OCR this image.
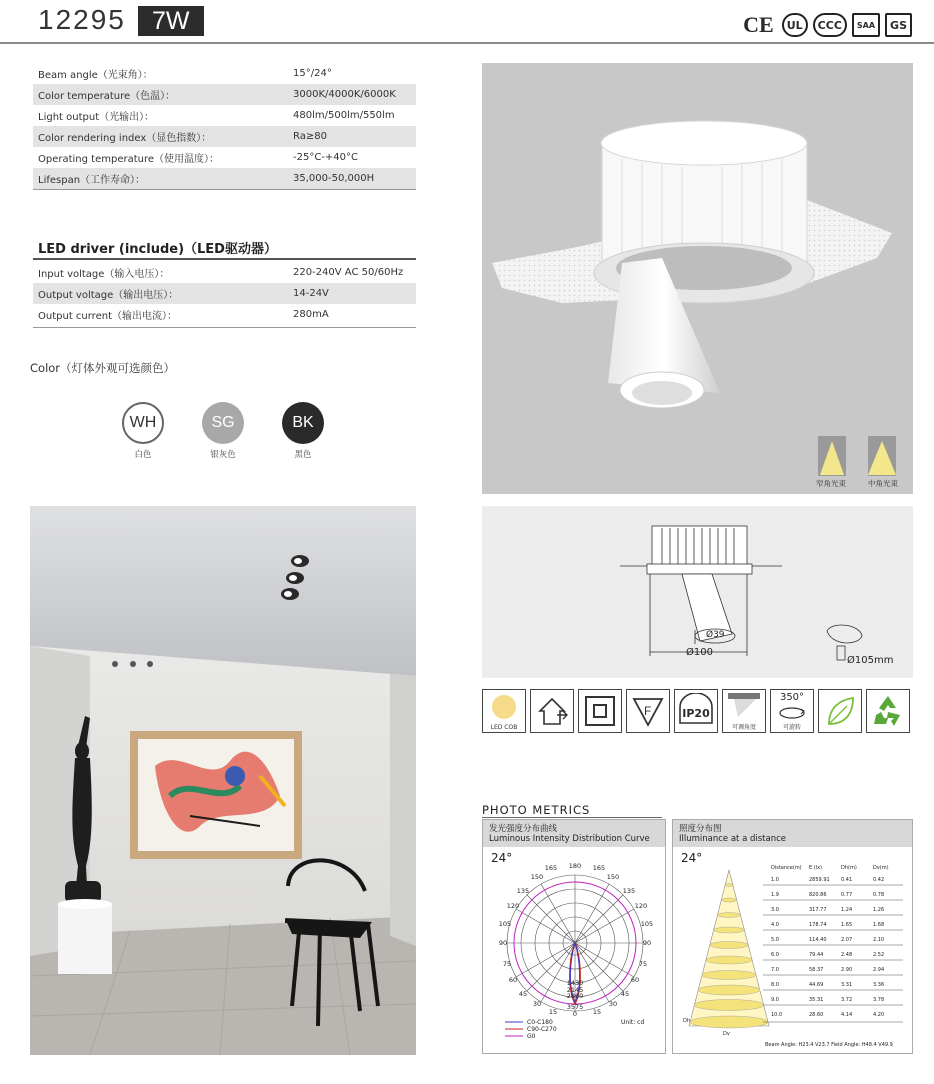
12295	7W	CE	UL	CCC	SAA	GS
Beam angle（光束角）：	15°/24°
Color temperature（色温）：	3000K/4000K/6000K
Light output（光输出）：	480lm/500lm/550lm
Color rendering index（显色指数）：	Ra≥80
Operating temperature（使用温度）：	-25°C-+40°C
Lifespan（工作寿命）：	35,000-50,000H
LED driver (include)（LED驱动器）
Input voltage（输入电压）：	220-240V AC 50/60Hz
Output voltage（输出电压）：	14-24V
Output current（输出电流）：	280mA
Color（灯体外观可选颜色）
WH
白色
SG
银灰色
BK
黑色
窄角光束	中角光束
Ø39
Ø100
Ø105mm
LED COB
F	IP20
可调角度
350°
可旋转
PHOTO METRICS
发光强度分布曲线
Luminous Intensity Distribution Curve
24°
165 180 165
150	150
135	135
120	120
105	105
90	90
75	75
60	60
45	45
30	30
15 0 15
1430
2860
2145
3575
C0-C180
C90-C270
G0
Unit: cd
照度分布图
Illuminance at a distance
24°
Distance(m)	E (lx)	Dh(m)	Dv(m)
1.0	2859.91	0.41	0.42
1.9	820.86	0.77	0.78
3.0	317.77	1.24	1.26
4.0	178.74	1.65	1.68
5.0	114.40	2.07	2.10
6.0	79.44	2.48	2.52
7.0	58.37	2.90	2.94
8.0	44.69	3.31	3.36
9.0	35.31	3.72	3.78
10.0	28.60	4.14	4.20
Dh
Dv
Beam Angle: H23.4 V23.7 Field Angle: H48.4 V49.9
